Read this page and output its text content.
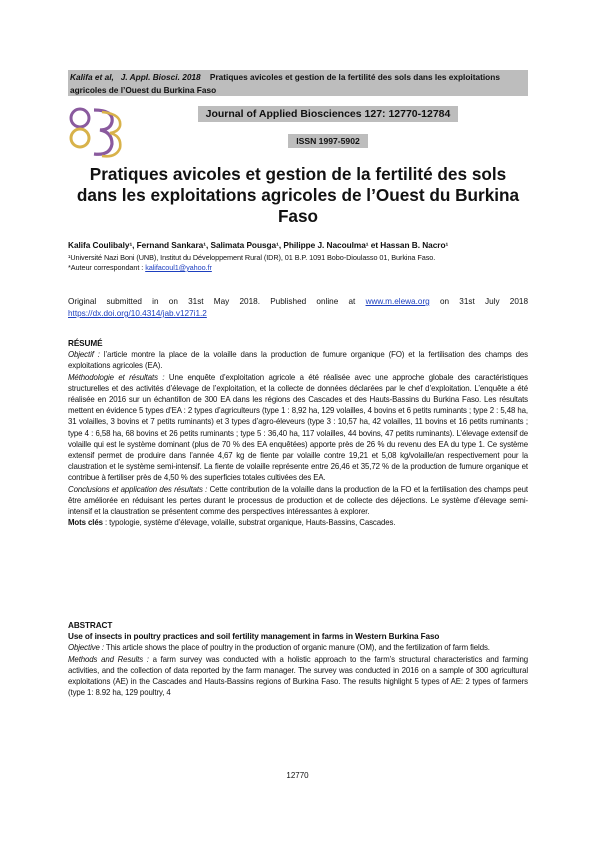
Kalifa et al, J. Appl. Biosci. 2018 Pratiques avicoles et gestion de la fertilité des sols dans les exploitations agricoles de l’Ouest du Burkina Faso
Journal of Applied Biosciences 127: 12770-12784
ISSN 1997-5902
Pratiques avicoles et gestion de la fertilité des sols dans les exploitations agricoles de l’Ouest du Burkina Faso
Kalifa Coulibaly¹, Fernand Sankara¹, Salimata Pousga¹, Philippe J. Nacoulma¹ et Hassan B. Nacro¹
¹Université Nazi Boni (UNB), Institut du Développement Rural (IDR), 01 B.P. 1091 Bobo-Dioulasso 01, Burkina Faso.
*Auteur correspondant : kalifacoul1@yahoo.fr
Original submitted in on 31st May 2018. Published online at www.m.elewa.org on 31st July 2018
https://dx.doi.org/10.4314/jab.v127i1.2

RÉSUMÉ

Objectif : l’article montre la place de la volaille dans la production de fumure organique (FO) et la fertilisation des champs des exploitations agricoles (EA).

Méthodologie et résultats : Une enquête d’exploitation agricole a été réalisée avec une approche globale des caractéristiques structurelles et des activités d’élevage de l’exploitation, et la collecte de données déclarées par le chef d’exploitation. L’enquête a été réalisée en 2016 sur un échantillon de 300 EA dans les régions des Cascades et des Hauts-Bassins du Burkina Faso. Les résultats mettent en évidence 5 types d’EA : 2 types d’agriculteurs (type 1 : 8,92 ha, 129 volailles, 4 bovins et 6 petits ruminants ; type 2 : 5,48 ha, 31 volailles, 3 bovins et 7 petits ruminants) et 3 types d’agro-éleveurs (type 3 : 10,57 ha, 42 volailles, 11 bovins et 16 petits ruminants ; type 4 : 6,58 ha, 68 bovins et 26 petits ruminants ; type 5 : 36,40 ha, 117 volailles, 44 bovins, 47 petits ruminants). L’élevage extensif de volaille qui est le système dominant (plus de 70 % des EA enquêtées) apporte près de 26 % du revenu des EA du type 1. Ce système extensif permet de produire dans l’année 4,67 kg de fiente par volaille contre 19,21 et 5,08 kg/volaille/an respectivement pour la claustration et le système semi-intensif. La fiente de volaille représente entre 26,46 et 35,72 % de la production de fumure organique et contribue à fertiliser près de 4,50 % des superficies totales cultivées des EA.

Conclusions et application des résultats : Cette contribution de la volaille dans la production de la FO et la fertilisation des champs peut être améliorée en réduisant les pertes durant le processus de production et de collecte des déjections. Le système d’élevage semi-intensif et la claustration se présentent comme des perspectives intéressantes à explorer.

Mots clés : typologie, système d’élevage, volaille, substrat organique, Hauts-Bassins, Cascades.

ABSTRACT

Use of insects in poultry practices and soil fertility management in farms in Western Burkina Faso

Objective : This article shows the place of poultry in the production of organic manure (OM), and the fertilization of farm fields.

Methods and Results : a farm survey was conducted with a holistic approach to the farm’s structural characteristics and farming activities, and the collection of data reported by the farm manager. The survey was conducted in 2016 on a sample of 300 agricultural exploitations (AE) in the Cascades and Hauts-Bassins regions of Burkina Faso. The results highlight 5 types of AE: 2 types of farmers (type 1: 8.92 ha, 129 poultry, 4

12770
